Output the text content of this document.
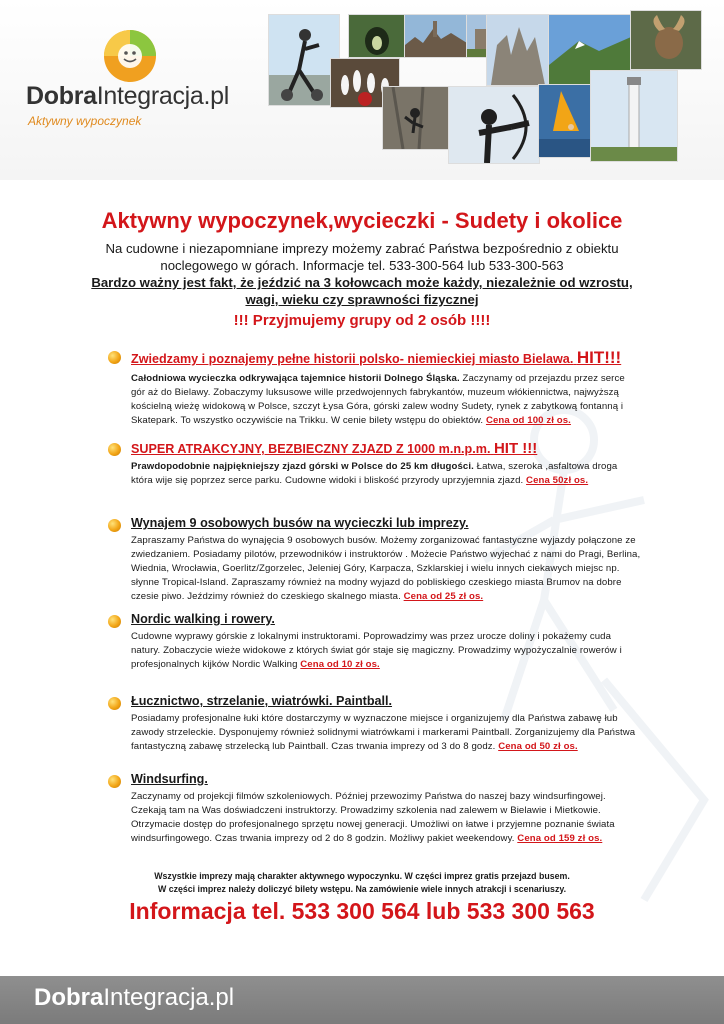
DobraIntegracja.pl
Aktywny wypoczynek
Aktywny wypoczynek,wycieczki - Sudety i okolice

Na cudowne i niezapomniane imprezy możemy zabrać Państwa bezpośrednio z obiektu noclegowego w górach. Informacje tel. 533-300-564 lub 533-300-563

Bardzo ważny jest fakt, że jeździć na 3 kołowcach może każdy, niezależnie od wzrostu, wagi, wieku czy sprawności fizycznej

!!! Przyjmujemy grupy od 2 osób !!!!

Zwiedzamy i poznajemy pełne historii polsko- niemieckiej miasto Bielawa. HIT!!!

Całodniowa wycieczka odkrywająca tajemnice historii Dolnego Śląska. Zaczynamy od przejazdu przez serce gór aż do Bielawy. Zobaczymy luksusowe wille przedwojennych fabrykantów, muzeum włókiennictwa, najwyższą kościelną wieżę widokową w Polsce, szczyt Łysa Góra, górski zalew wodny Sudety, rynek z zabytkową fontanną i Skatepark. To wszystko oczywiście na Trikku. W cenie bilety wstępu do obiektów. Cena od 100 zł os.

SUPER ATRAKCYJNY, BEZBIECZNY ZJAZD Z 1000 m.n.p.m. HIT !!!

Prawdopodobnie najpiękniejszy zjazd górski w Polsce do 25 km długości. Łatwa, szeroka ,asfaltowa droga która wije się poprzez serce parku. Cudowne widoki i bliskość przyrody uprzyjemnia zjazd. Cena 50zł os.

Wynajem 9 osobowych busów na wycieczki lub imprezy.

Zapraszamy Państwa do wynajęcia 9 osobowych busów. Możemy zorganizować fantastyczne wyjazdy połączone ze zwiedzaniem. Posiadamy pilotów, przewodników i instruktorów . Możecie Państwo wyjechać z nami do Pragi, Berlina, Wiednia, Wrocławia, Goerlitz/Zgorzelec, Jeleniej Góry, Karpacza, Szklarskiej i wielu innych ciekawych miejsc np. słynne Tropical-Island. Zapraszamy również na modny wyjazd do pobliskiego czeskiego miasta Brumov na dobre czesie piwo. Jeździmy również do czeskiego skalnego miasta. Cena od 25 zł os.

Nordic walking i rowery.

Cudowne wyprawy górskie z lokalnymi instruktorami. Poprowadzimy was przez urocze doliny i pokażemy cuda natury. Zobaczycie wieże widokowe z których świat gór staje się magiczny. Prowadzimy wypożyczalnie rowerów i profesjonalnych kijków Nordic Walking Cena od 10 zł os.

Łucznictwo, strzelanie, wiatrówki. Paintball.

Posiadamy profesjonalne łuki które dostarczymy w wyznaczone miejsce i organizujemy dla Państwa zabawę łub zawody strzeleckie. Dysponujemy również solidnymi wiatrówkami i markerami Paintball. Zorganizujemy dla Państwa fantastyczną zabawę strzelecką lub Paintball. Czas trwania imprezy od 3 do 8 godz. Cena od 50 zł os.

Windsurfing.

Zaczynamy od projekcji filmów szkoleniowych. Później przewozimy Państwa do naszej bazy windsurfingowej. Czekają tam na Was doświadczeni instruktorzy. Prowadzimy szkolenia nad zalewem w Bielawie i Mietkowie. Otrzymacie dostęp do profesjonalnego sprzętu nowej generacji. Umożliwi on łatwe i przyjemne poznanie świata windsurfingowego. Czas trwania imprezy od 2 do 8 godzin. Możliwy pakiet weekendowy. Cena od 159 zł os.

Wszystkie imprezy mają charakter aktywnego wypoczynku. W części imprez gratis przejazd busem.

W części imprez należy doliczyć bilety wstępu. Na zamówienie wiele innych atrakcji i scenariuszy.

Informacja tel. 533 300 564 lub 533 300 563

DobraIntegracja.pl
